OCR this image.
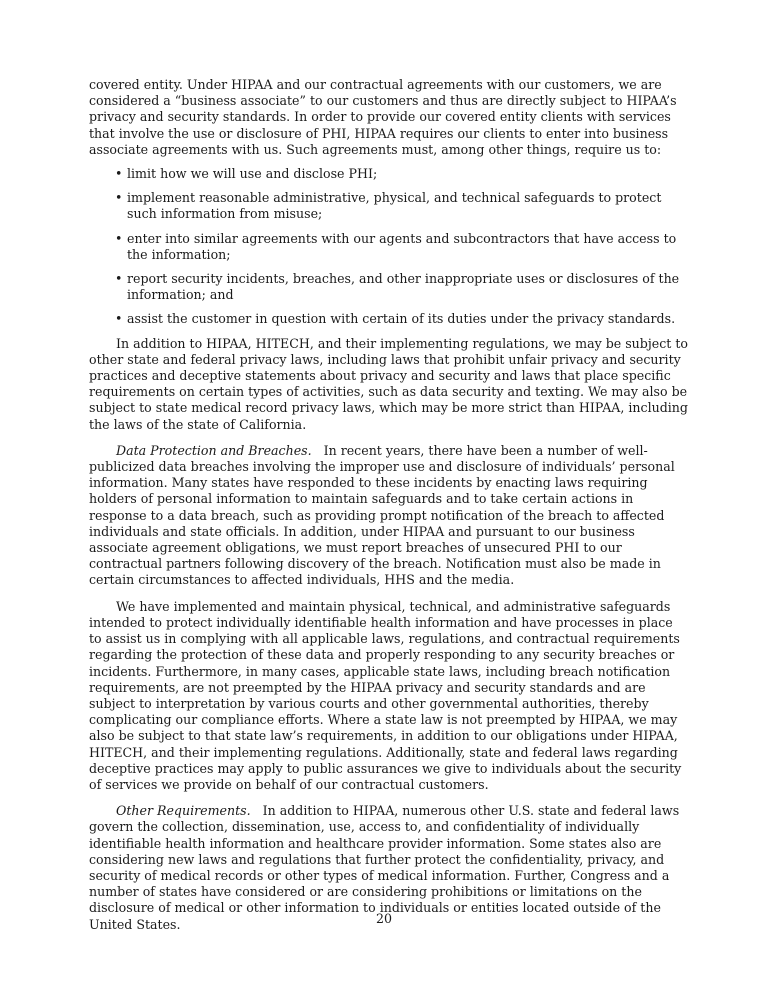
covered entity. Under HIPAA and our contractual agreements with our customers, we are considered a “business associate” to our customers and thus are directly subject to HIPAA’s privacy and security standards. In order to provide our covered entity clients with services that involve the use or disclosure of PHI, HIPAA requires our clients to enter into business associate agreements with us. Such agreements must, among other things, require us to:

• limit how we will use and disclose PHI;
• implement reasonable administrative, physical, and technical safeguards to protect such information from misuse;
• enter into similar agreements with our agents and subcontractors that have access to the information;
• report security incidents, breaches, and other inappropriate uses or disclosures of the information; and
• assist the customer in question with certain of its duties under the privacy standards.

In addition to HIPAA, HITECH, and their implementing regulations, we may be subject to other state and federal privacy laws, including laws that prohibit unfair privacy and security practices and deceptive statements about privacy and security and laws that place specific requirements on certain types of activities, such as data security and texting. We may also be subject to state medical record privacy laws, which may be more strict than HIPAA, including the laws of the state of California.

Data Protection and Breaches. In recent years, there have been a number of well-publicized data breaches involving the improper use and disclosure of individuals’ personal information. Many states have responded to these incidents by enacting laws requiring holders of personal information to maintain safeguards and to take certain actions in response to a data breach, such as providing prompt notification of the breach to affected individuals and state officials. In addition, under HIPAA and pursuant to our business associate agreement obligations, we must report breaches of unsecured PHI to our contractual partners following discovery of the breach. Notification must also be made in certain circumstances to affected individuals, HHS and the media.

We have implemented and maintain physical, technical, and administrative safeguards intended to protect individually identifiable health information and have processes in place to assist us in complying with all applicable laws, regulations, and contractual requirements regarding the protection of these data and properly responding to any security breaches or incidents. Furthermore, in many cases, applicable state laws, including breach notification requirements, are not preempted by the HIPAA privacy and security standards and are subject to interpretation by various courts and other governmental authorities, thereby complicating our compliance efforts. Where a state law is not preempted by HIPAA, we may also be subject to that state law’s requirements, in addition to our obligations under HIPAA, HITECH, and their implementing regulations. Additionally, state and federal laws regarding deceptive practices may apply to public assurances we give to individuals about the security of services we provide on behalf of our contractual customers.

Other Requirements. In addition to HIPAA, numerous other U.S. state and federal laws govern the collection, dissemination, use, access to, and confidentiality of individually identifiable health information and healthcare provider information. Some states also are considering new laws and regulations that further protect the confidentiality, privacy, and security of medical records or other types of medical information. Further, Congress and a number of states have considered or are considering prohibitions or limitations on the disclosure of medical or other information to individuals or entities located outside of the United States.	20
